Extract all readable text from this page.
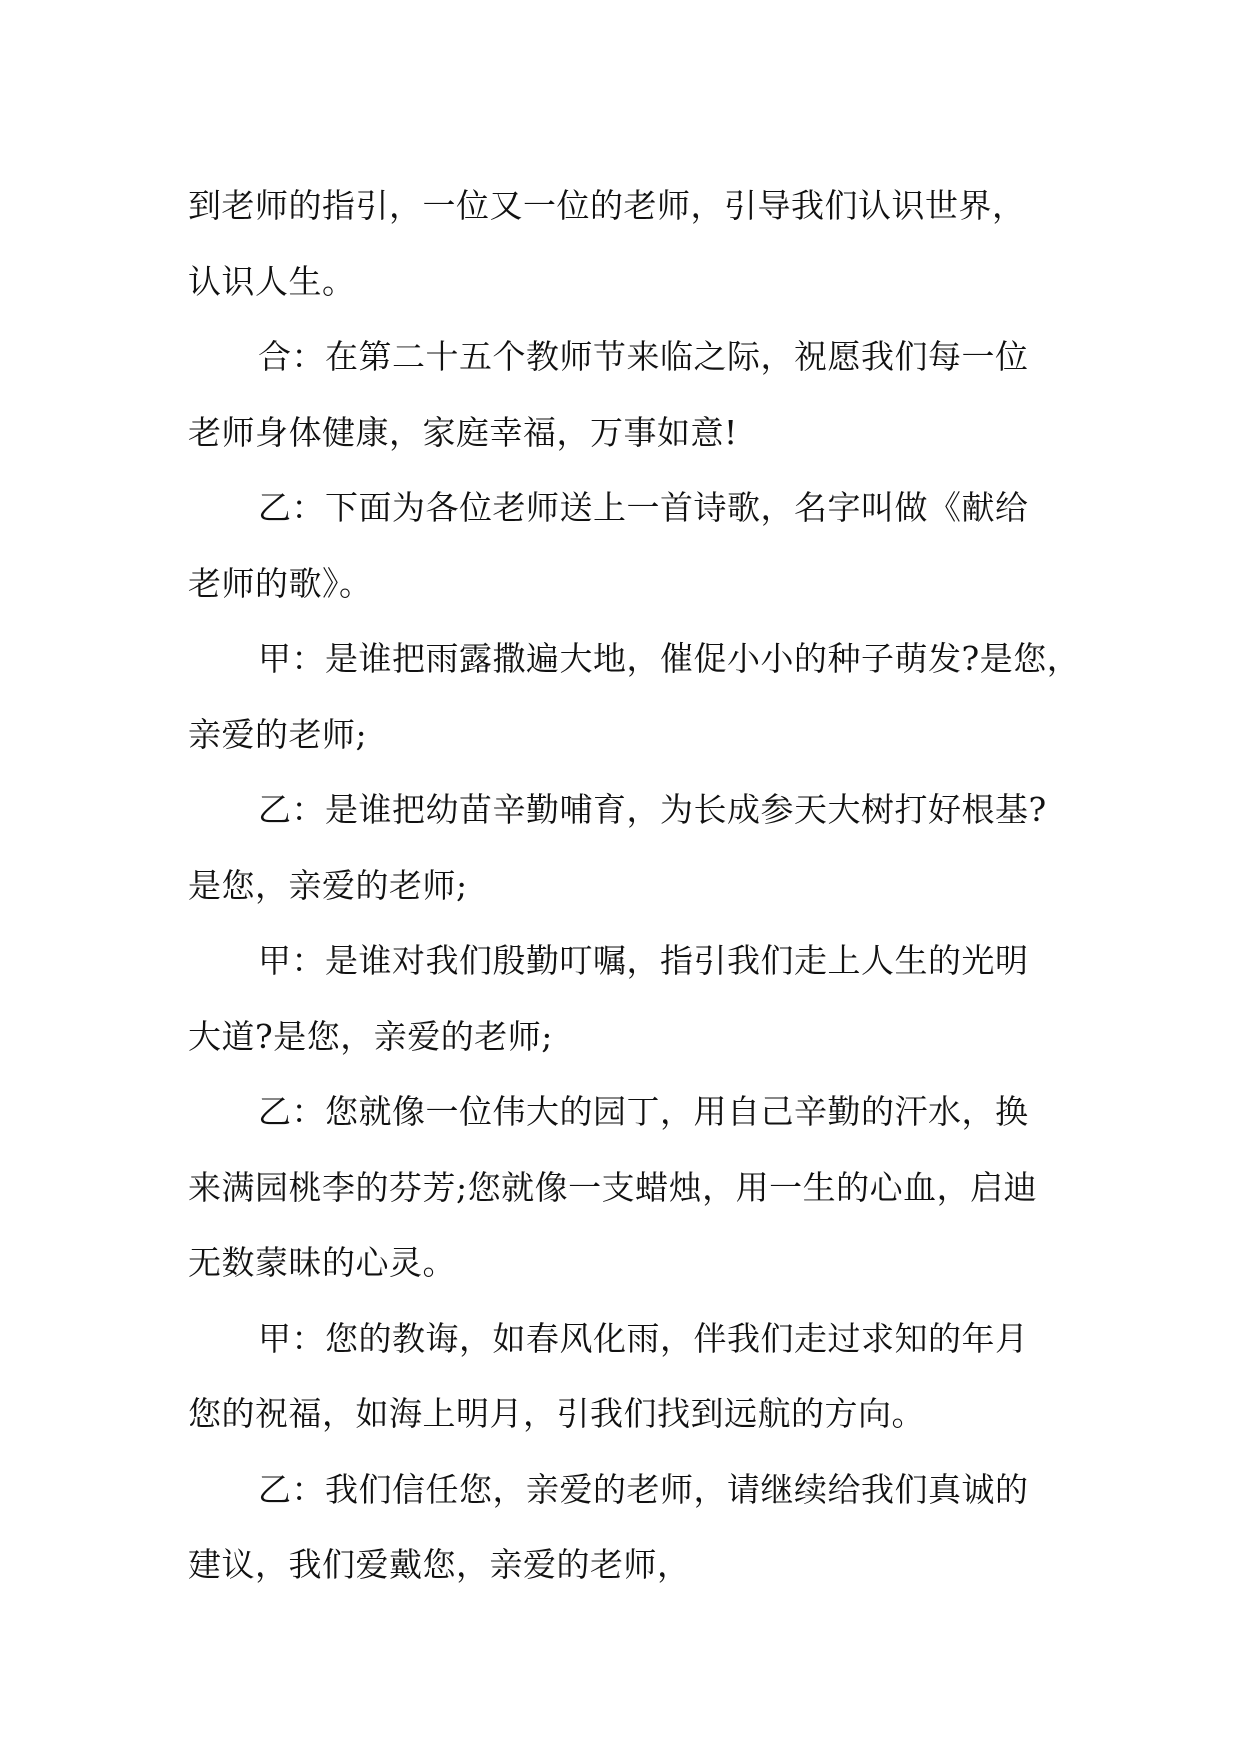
到老师的指引，一位又一位的老师，引导我们认识世界，
认识人生。
合：在第二十五个教师节来临之际，祝愿我们每一位
老师身体健康，家庭幸福，万事如意!
乙：下面为各位老师送上一首诗歌，名字叫做《献给
老师的歌》。
甲：是谁把雨露撒遍大地，催促小小的种子萌发?是您，
亲爱的老师;
乙：是谁把幼苗辛勤哺育，为长成参天大树打好根基?
是您，亲爱的老师;
甲：是谁对我们殷勤叮嘱，指引我们走上人生的光明
大道?是您，亲爱的老师;
乙：您就像一位伟大的园丁，用自己辛勤的汗水，换
来满园桃李的芬芳;您就像一支蜡烛，用一生的心血，启迪
无数蒙昧的心灵。
甲：您的教诲，如春风化雨，伴我们走过求知的年月
您的祝福，如海上明月，引我们找到远航的方向。
乙：我们信任您，亲爱的老师，请继续给我们真诚的
建议，我们爱戴您，亲爱的老师，
